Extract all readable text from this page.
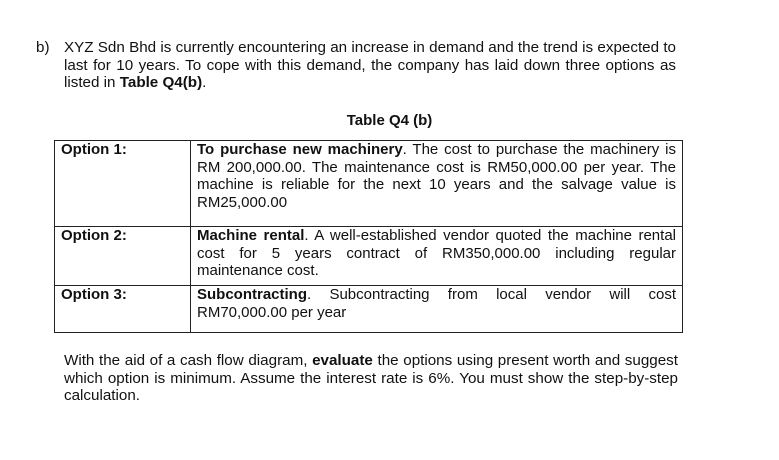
b) XYZ Sdn Bhd is currently encountering an increase in demand and the trend is expected to last for 10 years. To cope with this demand, the company has laid down three options as listed in Table Q4(b).
Table Q4 (b)
Option 1:	To purchase new machinery. The cost to purchase the machinery is RM 200,000.00. The maintenance cost is RM50,000.00 per year. The machine is reliable for the next 10 years and the salvage value is RM25,000.00
Option 2:	Machine rental. A well-established vendor quoted the machine rental cost for 5 years contract of RM350,000.00 including regular maintenance cost.
Option 3:	Subcontracting. Subcontracting from local vendor will cost RM70,000.00 per year
With the aid of a cash flow diagram, evaluate the options using present worth and suggest which option is minimum. Assume the interest rate is 6%. You must show the step-by-step calculation.
